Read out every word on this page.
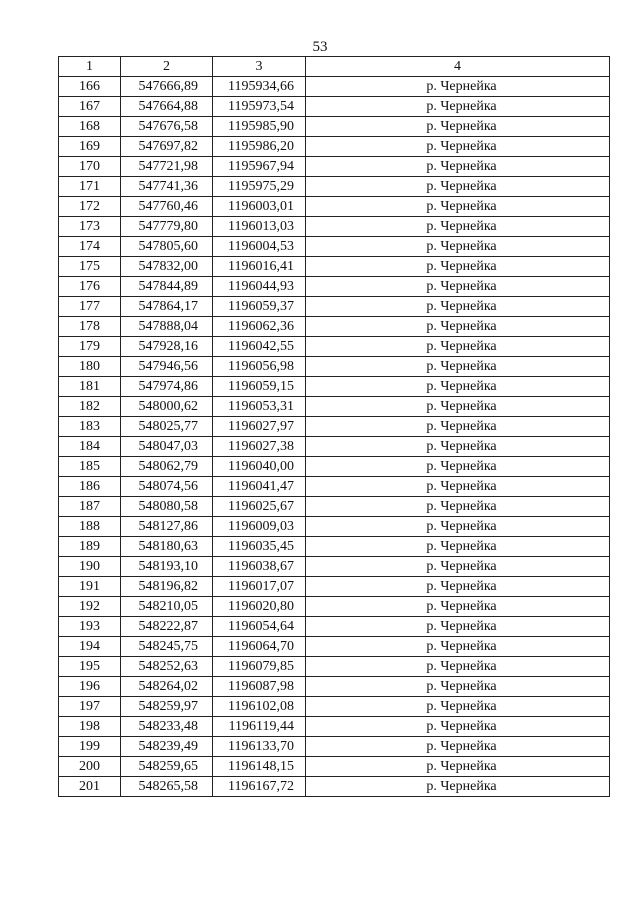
53
1	2	3	4
166	547666,89	1195934,66	р. Чернейка
167	547664,88	1195973,54	р. Чернейка
168	547676,58	1195985,90	р. Чернейка
169	547697,82	1195986,20	р. Чернейка
170	547721,98	1195967,94	р. Чернейка
171	547741,36	1195975,29	р. Чернейка
172	547760,46	1196003,01	р. Чернейка
173	547779,80	1196013,03	р. Чернейка
174	547805,60	1196004,53	р. Чернейка
175	547832,00	1196016,41	р. Чернейка
176	547844,89	1196044,93	р. Чернейка
177	547864,17	1196059,37	р. Чернейка
178	547888,04	1196062,36	р. Чернейка
179	547928,16	1196042,55	р. Чернейка
180	547946,56	1196056,98	р. Чернейка
181	547974,86	1196059,15	р. Чернейка
182	548000,62	1196053,31	р. Чернейка
183	548025,77	1196027,97	р. Чернейка
184	548047,03	1196027,38	р. Чернейка
185	548062,79	1196040,00	р. Чернейка
186	548074,56	1196041,47	р. Чернейка
187	548080,58	1196025,67	р. Чернейка
188	548127,86	1196009,03	р. Чернейка
189	548180,63	1196035,45	р. Чернейка
190	548193,10	1196038,67	р. Чернейка
191	548196,82	1196017,07	р. Чернейка
192	548210,05	1196020,80	р. Чернейка
193	548222,87	1196054,64	р. Чернейка
194	548245,75	1196064,70	р. Чернейка
195	548252,63	1196079,85	р. Чернейка
196	548264,02	1196087,98	р. Чернейка
197	548259,97	1196102,08	р. Чернейка
198	548233,48	1196119,44	р. Чернейка
199	548239,49	1196133,70	р. Чернейка
200	548259,65	1196148,15	р. Чернейка
201	548265,58	1196167,72	р. Чернейка
